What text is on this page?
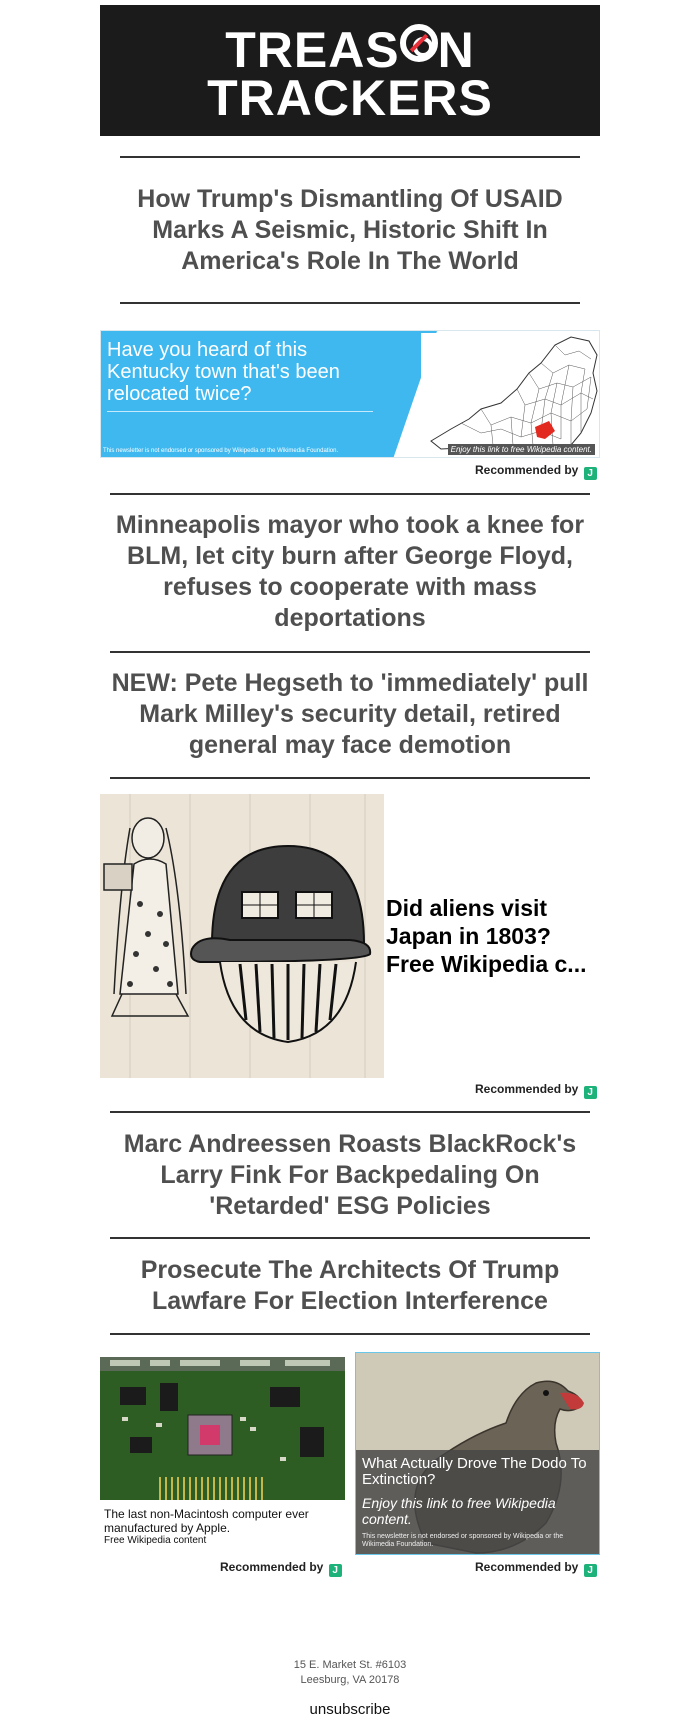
TREAS N
TRACKERS

How Trump's Dismantling Of USAID Marks A Seismic, Historic Shift In America's Role In The World

Have you heard of this Kentucky town that's been relocated twice?
This newsletter is not endorsed or sponsored by Wikipedia or the Wikimedia Foundation.	Enjoy this link to free Wikipedia content.
Recommended by J

Minneapolis mayor who took a knee for BLM, let city burn after George Floyd, refuses to cooperate with mass deportations

NEW: Pete Hegseth to 'immediately' pull Mark Milley's security detail, retired general may face demotion

Did aliens visit Japan in 1803? Free Wikipedia c...
Recommended by J

Marc Andreessen Roasts BlackRock's Larry Fink For Backpedaling On 'Retarded' ESG Policies

Prosecute The Architects Of Trump Lawfare For Election Interference

The last non-Macintosh computer ever manufactured by Apple.
Free Wikipedia content
Recommended by J
What Actually Drove The Dodo To Extinction?
Enjoy this link to free Wikipedia content.
This newsletter is not endorsed or sponsored by Wikipedia or the Wikimedia Foundation.
Recommended by J
15 E. Market St. #6103
Leesburg, VA 20178
unsubscribe
